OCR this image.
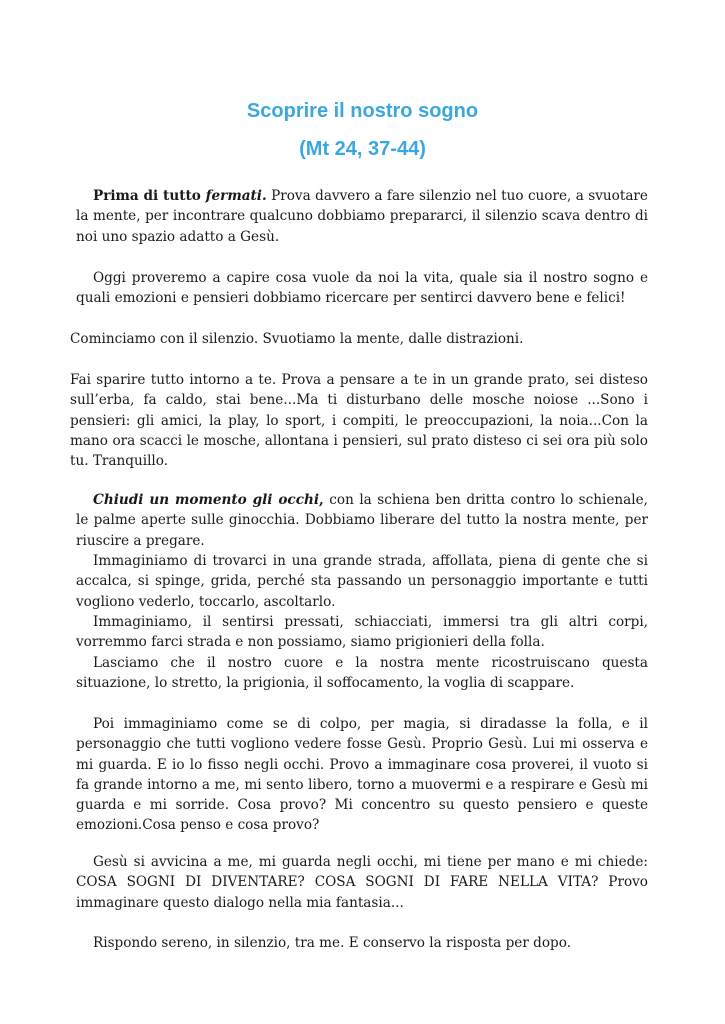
Scoprire il nostro sogno
(Mt 24, 37-44)

Prima di tutto fermati. Prova davvero a fare silenzio nel tuo cuore, a svuotare la mente, per incontrare qualcuno dobbiamo prepararci, il silenzio scava dentro di noi uno spazio adatto a Gesù.

Oggi proveremo a capire cosa vuole da noi la vita, quale sia il nostro sogno e quali emozioni e pensieri dobbiamo ricercare per sentirci davvero bene e felici!

Cominciamo con il silenzio. Svuotiamo la mente, dalle distrazioni.

Fai sparire tutto intorno a te. Prova a pensare a te in un grande prato, sei disteso sull’erba, fa caldo, stai bene...Ma ti disturbano delle mosche noiose ...Sono i pensieri: gli amici, la play, lo sport, i compiti, le preoccupazioni, la noia...Con la mano ora scacci le mosche, allontana i pensieri, sul prato disteso ci sei ora più solo tu. Tranquillo.

Chiudi un momento gli occhi, con la schiena ben dritta contro lo schienale, le palme aperte sulle ginocchia. Dobbiamo liberare del tutto la nostra mente, per riuscire a pregare.

Immaginiamo di trovarci in una grande strada, affollata, piena di gente che si accalca, si spinge, grida, perché sta passando un personaggio importante e tutti vogliono vederlo, toccarlo, ascoltarlo.

Immaginiamo, il sentirsi pressati, schiacciati, immersi tra gli altri corpi, vorremmo farci strada e non possiamo, siamo prigionieri della folla.

Lasciamo che il nostro cuore e la nostra mente ricostruiscano questa situazione, lo stretto, la prigionia, il soffocamento, la voglia di scappare.

Poi immaginiamo come se di colpo, per magia, si diradasse la folla, e il personaggio che tutti vogliono vedere fosse Gesù. Proprio Gesù. Lui mi osserva e mi guarda. E io lo fisso negli occhi. Provo a immaginare cosa proverei, il vuoto si fa grande intorno a me, mi sento libero, torno a muovermi e a respirare e Gesù mi guarda e mi sorride. Cosa provo? Mi concentro su questo pensiero e queste emozioni.Cosa penso e cosa provo?

Gesù si avvicina a me, mi guarda negli occhi, mi tiene per mano e mi chiede: COSA SOGNI DI DIVENTARE? COSA SOGNI DI FARE NELLA VITA? Provo immaginare questo dialogo nella mia fantasia...

Rispondo sereno, in silenzio, tra me. E conservo la risposta per dopo.
